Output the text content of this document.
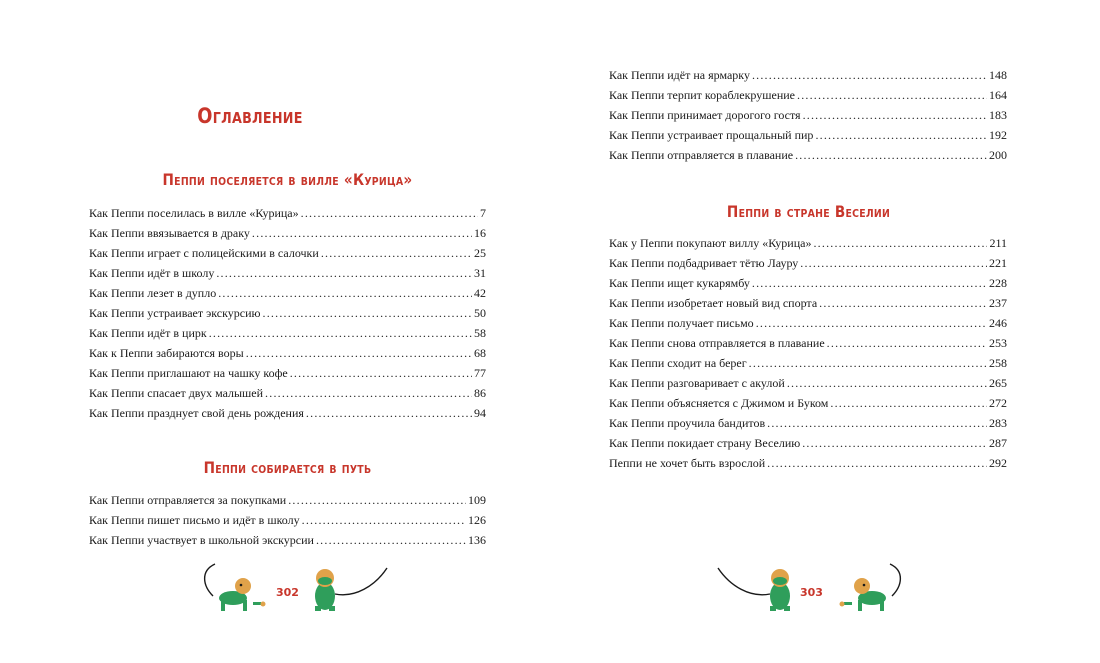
Оглавление
Пеппи поселяется в вилле «Курица»
Как Пеппи поселилась в вилле «Курица» .....	7
Как Пеппи ввязывается в драку .....	16
Как Пеппи играет с полицейскими в салочки .....	25
Как Пеппи идёт в школу .....	31
Как Пеппи лезет в дупло .....	42
Как Пеппи устраивает экскурсию .....	50
Как Пеппи идёт в цирк .....	58
Как к Пеппи забираются воры .....	68
Как Пеппи приглашают на чашку кофе .....	77
Как Пеппи спасает двух малышей .....	86
Как Пеппи празднует свой день рождения .....	94
Пеппи собирается в путь
Как Пеппи отправляется за покупками .....	109
Как Пеппи пишет письмо и идёт в школу .....	126
Как Пеппи участвует в школьной экскурсии .....	136
302
Как Пеппи идёт на ярмарку .....	148
Как Пеппи терпит кораблекрушение .....	164
Как Пеппи принимает дорогого гостя .....	183
Как Пеппи устраивает прощальный пир .....	192
Как Пеппи отправляется в плавание .....	200
Пеппи в стране Веселии
Как у Пеппи покупают виллу «Курица» .....	211
Как Пеппи подбадривает тётю Лауру .....	221
Как Пеппи ищет кукарямбу .....	228
Как Пеппи изобретает новый вид спорта .....	237
Как Пеппи получает письмо .....	246
Как Пеппи снова отправляется в плавание .....	253
Как Пеппи сходит на берег .....	258
Как Пеппи разговаривает с акулой .....	265
Как Пеппи объясняется с Джимом и Буком .....	272
Как Пеппи проучила бандитов .....	283
Как Пеппи покидает страну Веселию .....	287
Пеппи не хочет быть взрослой .....	292
303
